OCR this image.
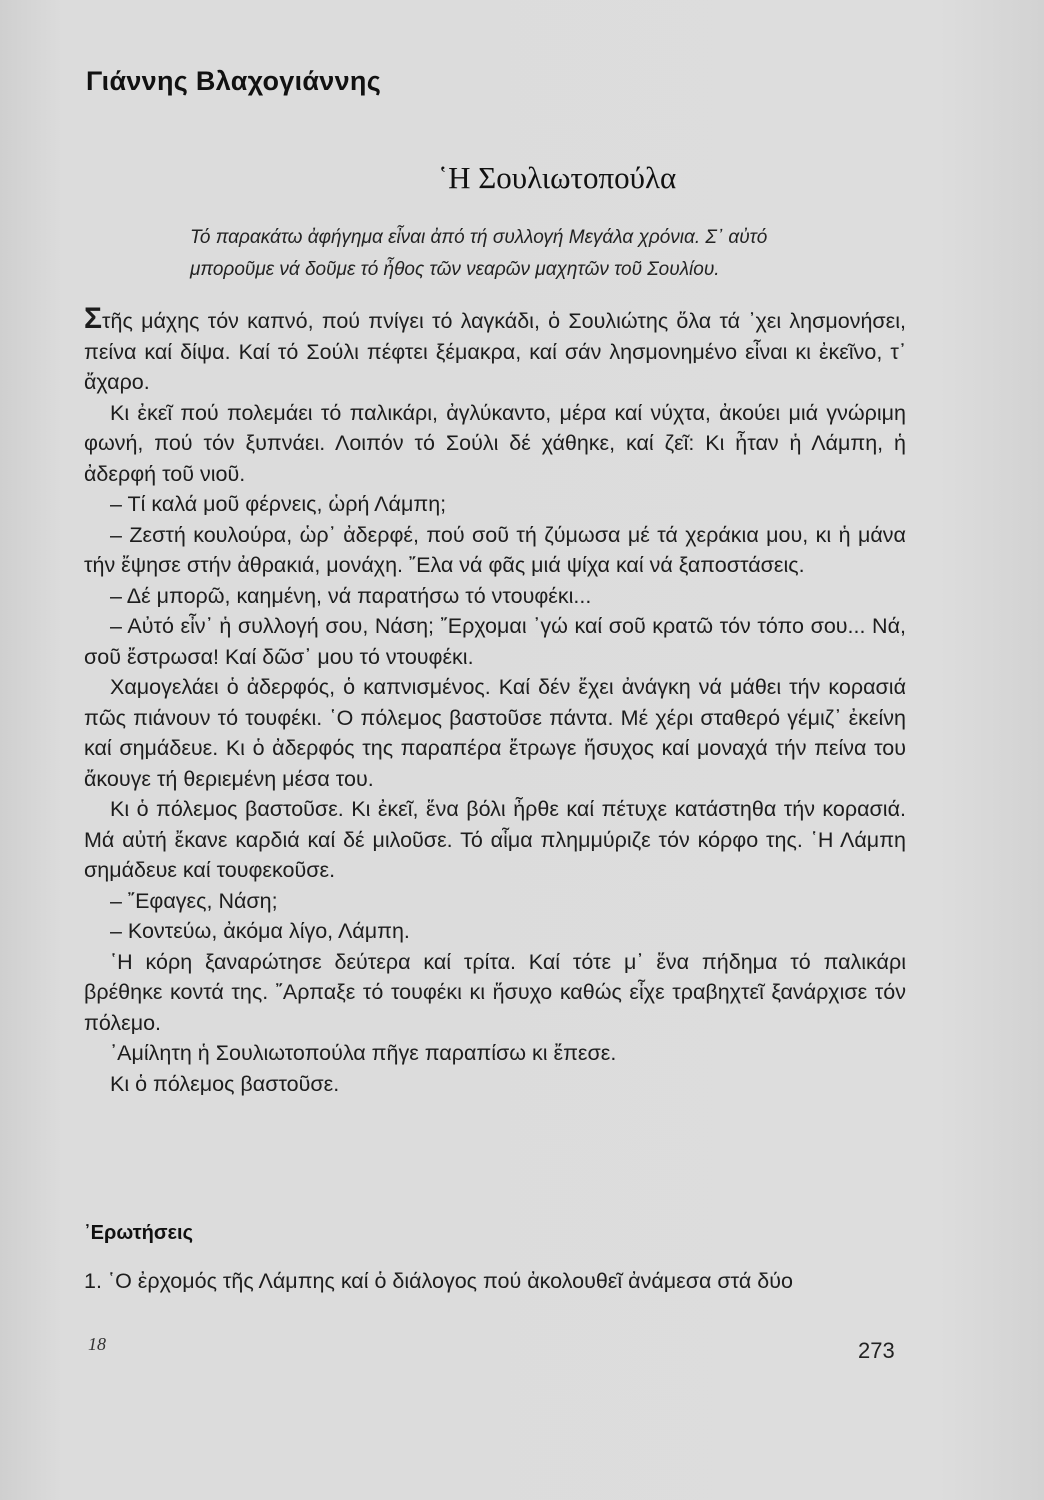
Γιάννης Βλαχογιάννης
῾Η Σουλιωτοπούλα

Τό παρακάτω ἀφήγημα εἶναι ἀπό τή συλλογή Μεγάλα χρόνια. Σ᾿ αὐτό

μποροῦμε νά δοῦμε τό ἦθος τῶν νεαρῶν μαχητῶν τοῦ Σουλίου.

Στῆς μάχης τόν καπνό, πού πνίγει τό λαγκάδι, ὁ Σουλιώτης ὅλα τά ᾿χει λησμονήσει, πείνα καί δίψα. Καί τό Σούλι πέφτει ξέμακρα, καί σάν λησμονημένο εἶναι κι ἐκεῖνο, τ᾿ ἄχαρο.

Κι ἐκεῖ πού πολεμάει τό παλικάρι, ἀγλύκαντο, μέρα καί νύχτα, ἀκούει μιά γνώριμη φωνή, πού τόν ξυπνάει. Λοιπόν τό Σούλι δέ χάθηκε, καί ζεῖ: Κι ἦταν ἡ Λάμπη, ἡ ἀδερφή τοῦ νιοῦ.

– Τί καλά μοῦ φέρνεις, ὡρή Λάμπη;

– Ζεστή κουλούρα, ὡρ᾿ ἀδερφέ, πού σοῦ τή ζύμωσα μέ τά χεράκια μου, κι ἡ μάνα τήν ἔψησε στήν ἀθρακιά, μονάχη. ῎Ελα νά φᾶς μιά ψίχα καί νά ξαποστάσεις.

– Δέ μπορῶ, καημένη, νά παρατήσω τό ντουφέκι...

– Αὐτό εἶν᾿ ἡ συλλογή σου, Νάση; ῎Ερχομαι ᾿γώ καί σοῦ κρατῶ τόν τόπο σου... Νά, σοῦ ἔστρωσα! Καί δῶσ᾿ μου τό ντουφέκι.

Χαμογελάει ὁ ἀδερφός, ὁ καπνισμένος. Καί δέν ἔχει ἀνάγκη νά μάθει τήν κορασιά πῶς πιάνουν τό τουφέκι. ῾Ο πόλεμος βαστοῦσε πάντα. Μέ χέρι σταθερό γέμιζ᾿ ἐκείνη καί σημάδευε. Κι ὁ ἀδερφός της παραπέρα ἔτρωγε ἥσυχος καί μοναχά τήν πείνα του ἄκουγε τή θεριεμένη μέσα του.

Κι ὁ πόλεμος βαστοῦσε. Κι ἐκεῖ, ἕνα βόλι ἦρθε καί πέτυχε κατάστηθα τήν κορασιά. Μά αὐτή ἔκανε καρδιά καί δέ μιλοῦσε. Τό αἷμα πλημμύριζε τόν κόρφο της. ῾Η Λάμπη σημάδευε καί τουφεκοῦσε.

– ῎Εφαγες, Νάση;

– Κοντεύω, ἀκόμα λίγο, Λάμπη.

῾Η κόρη ξαναρώτησε δεύτερα καί τρίτα. Καί τότε μ᾿ ἕνα πήδημα τό παλικάρι βρέθηκε κοντά της. ῎Αρπαξε τό τουφέκι κι ἥσυχο καθώς εἶχε τραβηχτεῖ ξανάρχισε τόν πόλεμο.

᾿Αμίλητη ἡ Σουλιωτοπούλα πῆγε παραπίσω κι ἔπεσε.

Κι ὁ πόλεμος βαστοῦσε.

᾿Ερωτήσεις
1. ῾Ο ἐρχομός τῆς Λάμπης καί ὁ διάλογος πού ἀκολουθεῖ ἀνάμεσα στά δύο
18	273
